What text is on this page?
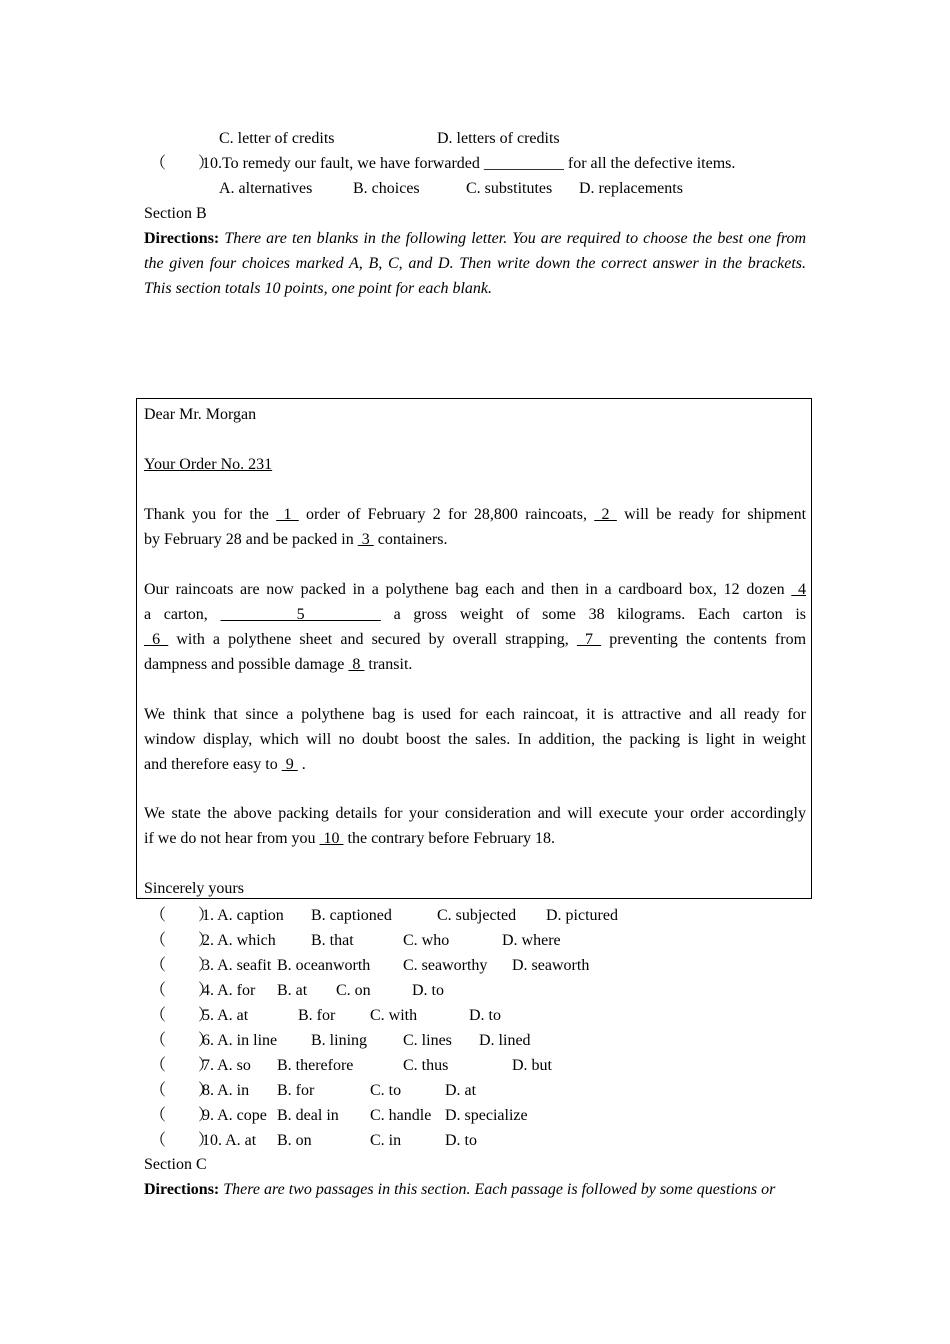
C. letter of credits	D. letters of credits
（　　）
10.To remedy our fault, we have forwarded __________ for all the defective items.
A. alternatives	B. choices	C. substitutes D. replacements
Section B
Directions: There are ten blanks in the following letter. You are required to choose the best one from the given four choices marked A, B, C, and D. Then write down the correct answer in the brackets. This section totals 10 points, one point for each blank.
Dear Mr. Morgan
Your Order No. 231
Thank you for the  1  order of February 2 for 28,800 raincoats,  2  will be ready for shipment
by February 28 and be packed in  3  containers.
Our raincoats are now packed in a polythene bag each and then in a cardboard box, 12 dozen  4
a carton,       5       a gross weight of some 38 kilograms. Each carton is
6  with a polythene sheet and secured by overall strapping,  7  preventing the contents from
dampness and possible damage  8  transit.
We think that since a polythene bag is used for each raincoat, it is attractive and all ready for
window display, which will no doubt boost the sales. In addition, the packing is light in weight
and therefore easy to  9  .
We state the above packing details for your consideration and will execute your order accordingly
if we do not hear from you  10  the contrary before February 18.
Sincerely yours
（　　）
1. A. caption B. captioned	C. subjected D. pictured
（　　）
2. A. which B. that	C. who	D. where
（　　）
3. A. seafit B. oceanworth C. seaworthy D. seaworth
（　　）
4. A. for B. at C. on	D. to
（　　）
5. A. at	B. for C. with	D. to
（　　）
6. A. in line B. lining C. lines D. lined
（　　）
7. A. so B. therefore	C. thus	D. but
（　　）
8. A. in B. for	C. to	D. at
（　　）
9. A. cope B. deal in C. handle D. specialize
（　　）
10. A. at B. on	C. in	D. to
Section C
Directions: There are two passages in this section. Each passage is followed by some questions or
